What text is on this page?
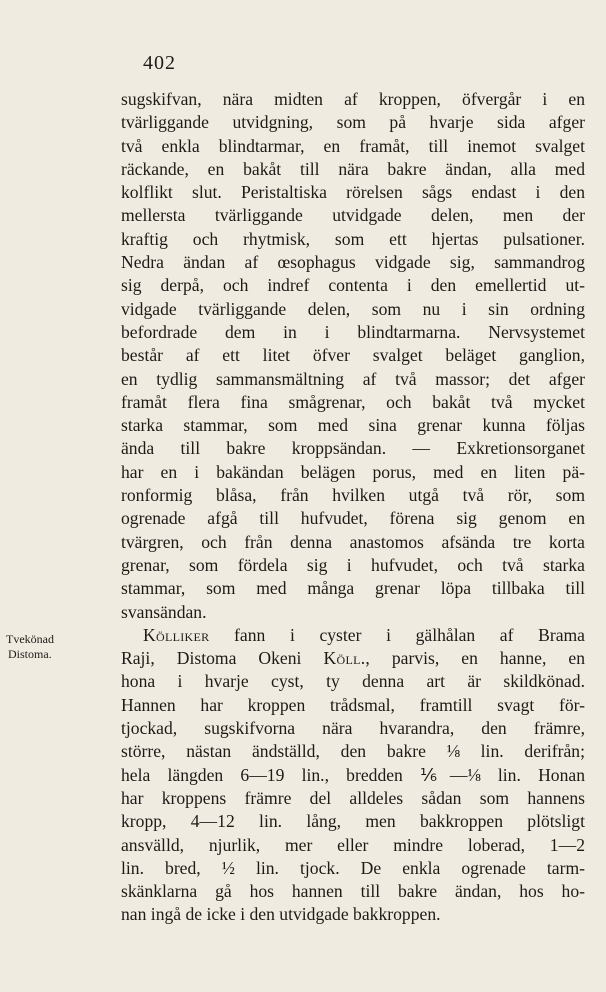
402
Tvekönad
Distoma.
sugskifvan, nära midten af kroppen, öfvergår i en
tvärliggande utvidgning, som på hvarje sida afger
två enkla blindtarmar, en framåt, till inemot svalget
räckande, en bakåt till nära bakre ändan, alla med
kolflikt slut. Peristaltiska rörelsen sågs endast i den
mellersta tvärliggande utvidgade delen, men der
kraftig och rhytmisk, som ett hjertas pulsationer.
Nedra ändan af œsophagus vidgade sig, sammandrog
sig derpå, och indref contenta i den emellertid ut-
vidgade tvärliggande delen, som nu i sin ordning
befordrade dem in i blindtarmarna. Nervsystemet
består af ett litet öfver svalget beläget ganglion,
en tydlig sammansmältning af två massor; det afger
framåt flera fina smågrenar, och bakåt två mycket
starka stammar, som med sina grenar kunna följas
ända till bakre kroppsändan. — Exkretionsorganet
har en i bakändan belägen porus, med en liten pä-
ronformig blåsa, från hvilken utgå två rör, som
ogrenade afgå till hufvudet, förena sig genom en
tvärgren, och från denna anastomos afsända tre korta
grenar, som fördela sig i hufvudet, och två starka
stammar, som med många grenar löpa tillbaka till
svansändan.
Kölliker fann i cyster i gälhålan af Brama
Raji, Distoma Okeni Köll., parvis, en hanne, en
hona i hvarje cyst, ty denna art är skildkönad.
Hannen har kroppen trådsmal, framtill svagt för-
tjockad, sugskifvorna nära hvarandra, den främre,
större, nästan ändställd, den bakre ⅛ lin. derifrån;
hela längden 6—19 lin., bredden ⅙—⅛ lin. Honan
har kroppens främre del alldeles sådan som hannens
kropp, 4—12 lin. lång, men bakkroppen plötsligt
ansvälld, njurlik, mer eller mindre loberad, 1—2
lin. bred, ½ lin. tjock. De enkla ogrenade tarm-
skänklarna gå hos hannen till bakre ändan, hos ho-
nan ingå de icke i den utvidgade bakkroppen.
